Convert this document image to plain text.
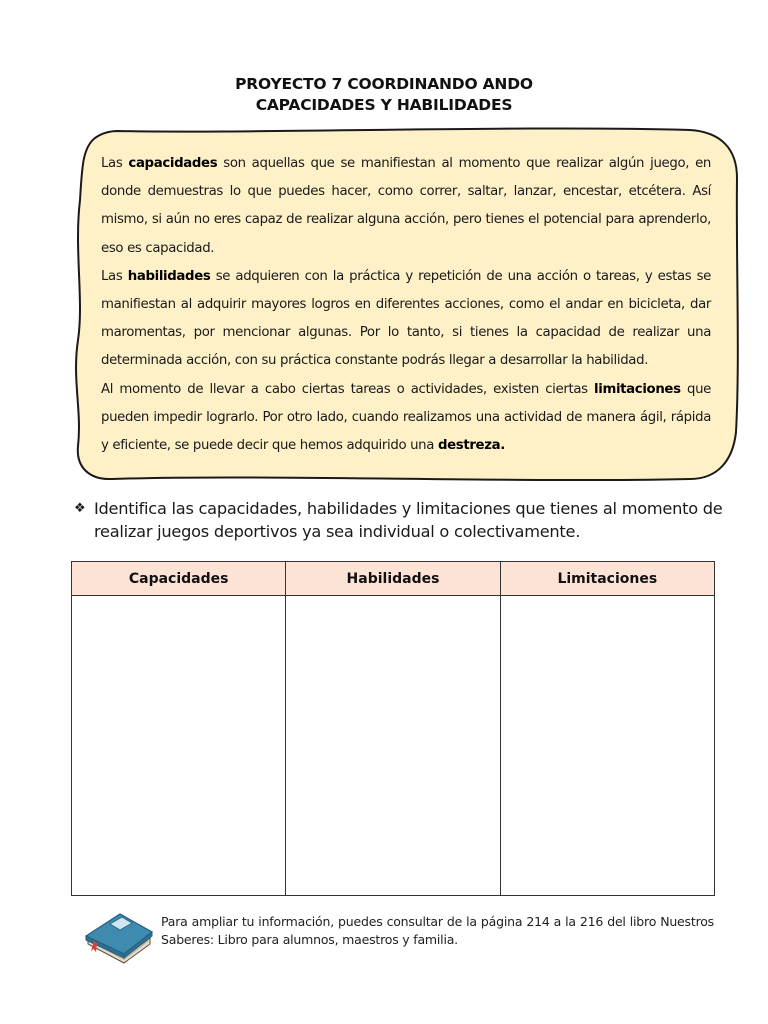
PROYECTO 7 COORDINANDO ANDO
CAPACIDADES Y HABILIDADES

Las capacidades son aquellas que se manifiestan al momento que realizar algún juego, en donde demuestras lo que puedes hacer, como correr, saltar, lanzar, encestar, etcétera. Así mismo, si aún no eres capaz de realizar alguna acción, pero tienes el potencial para aprenderlo, eso es capacidad.

Las habilidades se adquieren con la práctica y repetición de una acción o tareas, y estas se manifiestan al adquirir mayores logros en diferentes acciones, como el andar en bicicleta, dar maromentas, por mencionar algunas. Por lo tanto, si tienes la capacidad de realizar una determinada acción, con su práctica constante podrás llegar a desarrollar la habilidad.

Al momento de llevar a cabo ciertas tareas o actividades, existen ciertas limitaciones que pueden impedir lograrlo. Por otro lado, cuando realizamos una actividad de manera ágil, rápida y eficiente, se puede decir que hemos adquirido una destreza.

❖ Identifica las capacidades, habilidades y limitaciones que tienes al momento de realizar juegos deportivos ya sea individual o colectivamente.
Capacidades	Habilidades	Limitaciones

Para ampliar tu información, puedes consultar de la página 214 a la 216 del libro Nuestros Saberes: Libro para alumnos, maestros y familia.
